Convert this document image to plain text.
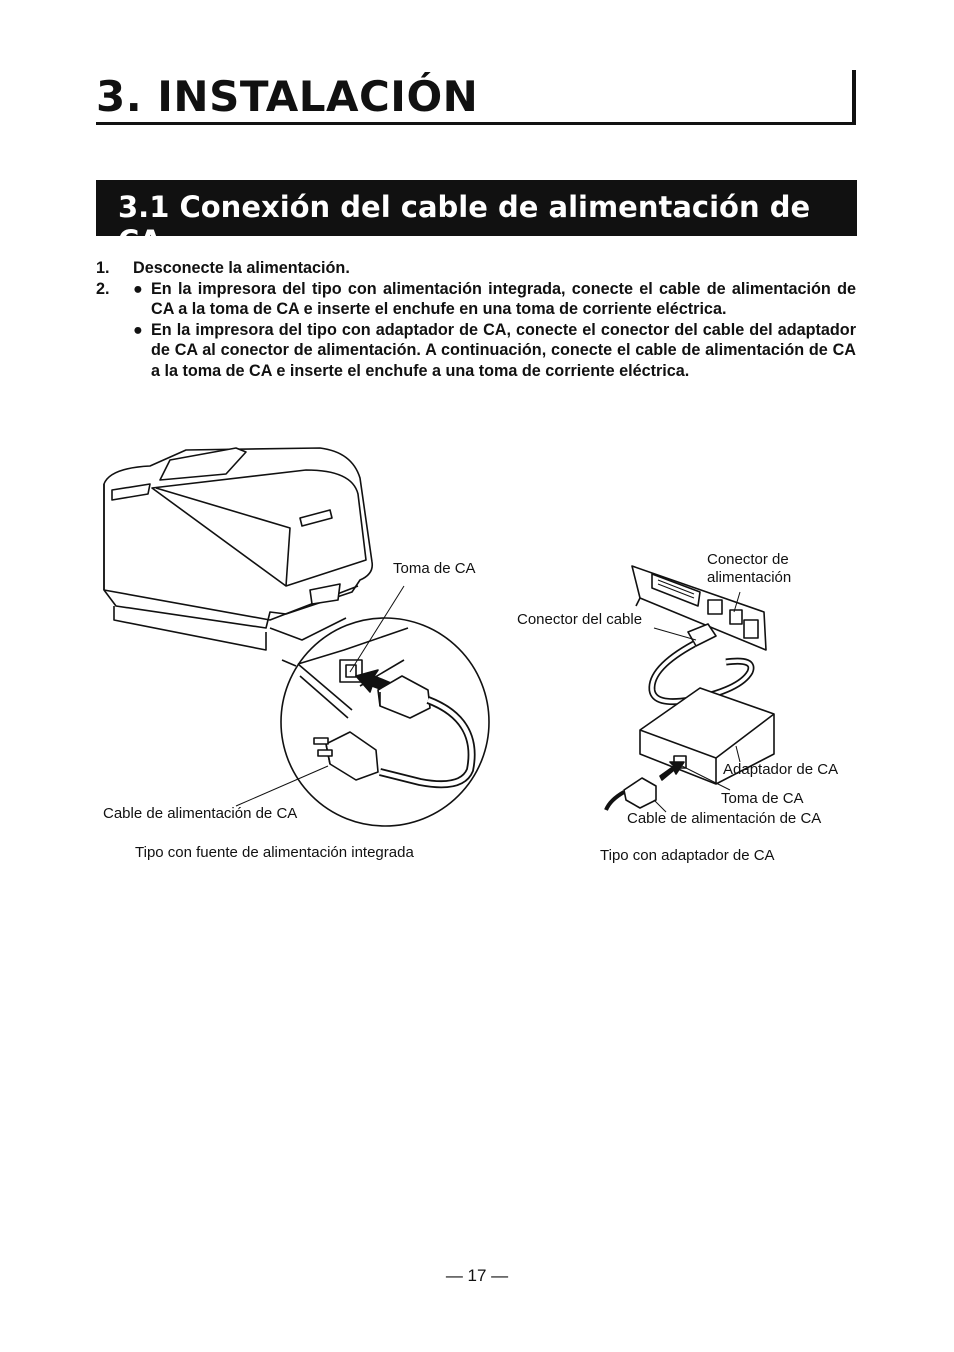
3. INSTALACIÓN
3.1 Conexión del cable de alimentación de CA
1. Desconecte la alimentación.
2. ● En la impresora del tipo con alimentación integrada, conecte el cable de alimentación de CA a la toma de CA e inserte el enchufe en una toma de corriente eléctrica.
● En la impresora del tipo con adaptador de CA, conecte el conector del cable del adaptador de CA al conector de alimentación. A continuación, conecte el cable de alimentación de CA a la toma de CA e inserte el enchufe a una toma de corriente eléctrica.
Toma de CA
Cable de alimentación de CA
Tipo con fuente de alimentación integrada
Conector de
alimentación
Conector del cable
Adaptador de CA
Toma de CA
Cable de alimentación de CA
Tipo con adaptador de CA
— 17 —
